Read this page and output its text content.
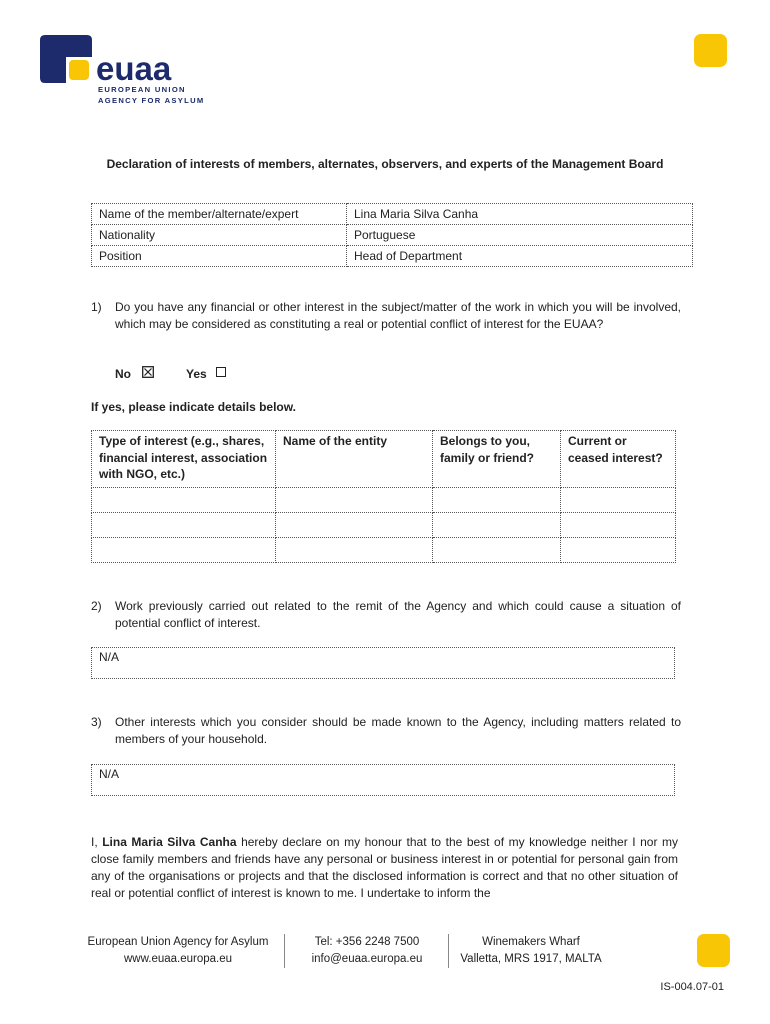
euaa
EUROPEAN UNION
AGENCY FOR ASYLUM
Declaration of interests of members, alternates, observers, and experts of the Management Board
Name of the member/alternate/expert	Lina Maria Silva Canha
Nationality	Portuguese
Position	Head of Department
1) Do you have any financial or other interest in the subject/matter of the work in which you will be involved, which may be considered as constituting a real or potential conflict of interest for the EUAA?
No	Yes
If yes, please indicate details below.
Type of interest (e.g., shares, financial interest, association with NGO, etc.)	Name of the entity	Belongs to you, family or friend?	Current or ceased interest?

2) Work previously carried out related to the remit of the Agency and which could cause a situation of potential conflict of interest.
N/A
3) Other interests which you consider should be made known to the Agency, including matters related to members of your household.
N/A
I, Lina Maria Silva Canha hereby declare on my honour that to the best of my knowledge neither I nor my close family members and friends have any personal or business interest in or potential for personal gain from any of the organisations or projects and that the disclosed information is correct and that no other situation of real or potential conflict of interest is known to me. I undertake to inform the
European Union Agency for Asylum
www.euaa.europa.eu
Tel: +356 2248 7500
info@euaa.europa.eu
Winemakers Wharf
Valletta, MRS 1917, MALTA
IS-004.07-01
